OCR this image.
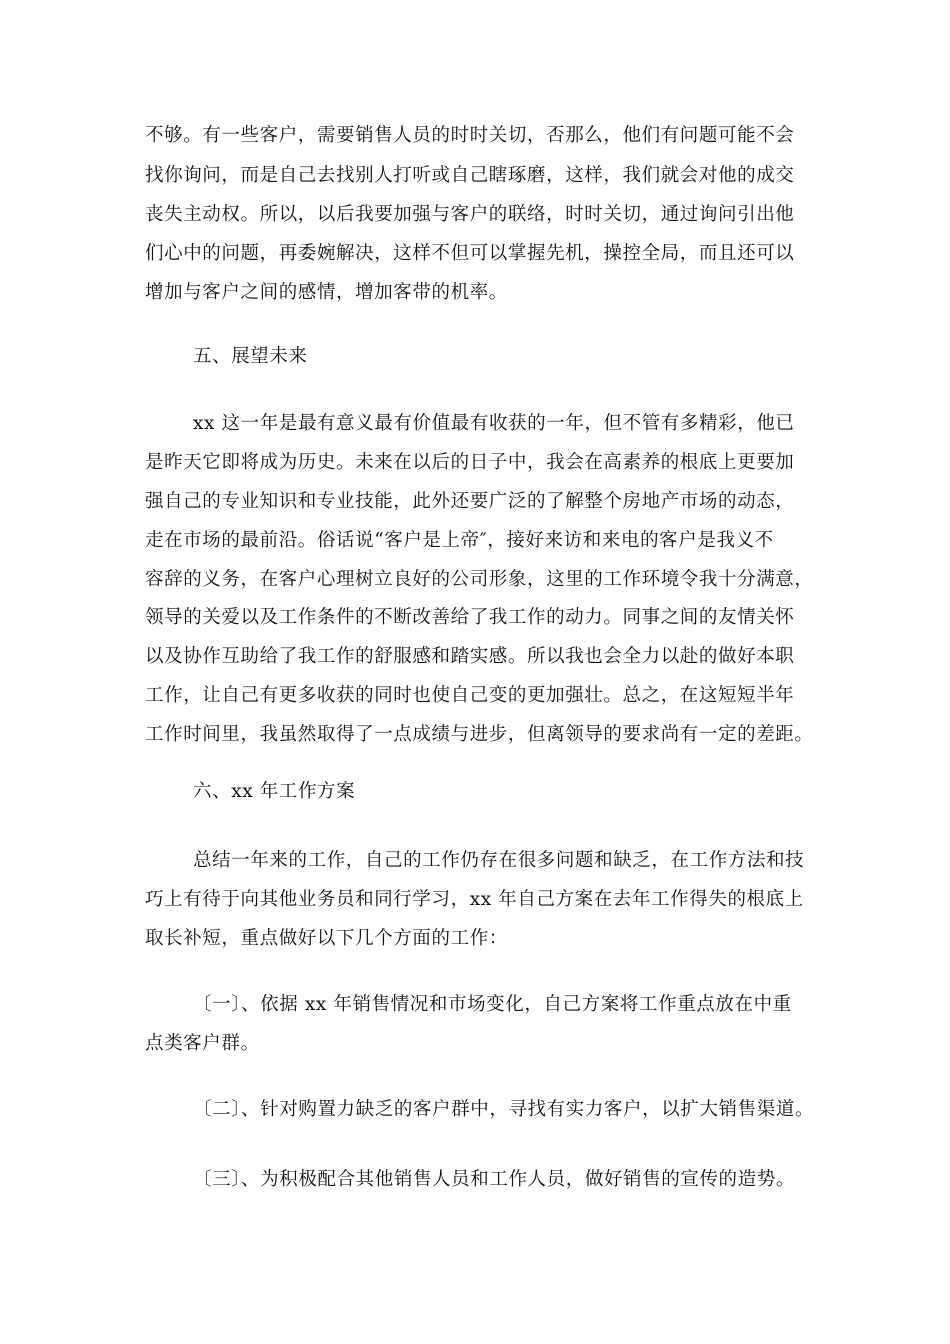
不够。有一些客户，需要销售人员的时时关切，否那么，他们有问题可能不会
找你询问，而是自己去找别人打听或自己瞎琢磨，这样，我们就会对他的成交
丧失主动权。所以，以后我要加强与客户的联络，时时关切，通过询问引出他
们心中的问题，再委婉解决，这样不但可以掌握先机，操控全局，而且还可以
增加与客户之间的感情，增加客带的机率。
五、展望未来
xx 这一年是最有意义最有价值最有收获的一年，但不管有多精彩，他已
是昨天它即将成为历史。未来在以后的日子中，我会在高素养的根底上更要加
强自己的专业知识和专业技能，此外还要广泛的了解整个房地产市场的动态，
走在市场的最前沿。俗话说“客户是上帝″，接好来访和来电的客户是我义不
容辞的义务，在客户心理树立良好的公司形象，这里的工作环境令我十分满意，
领导的关爱以及工作条件的不断改善给了我工作的动力。同事之间的友情关怀
以及协作互助给了我工作的舒服感和踏实感。所以我也会全力以赴的做好本职
工作，让自己有更多收获的同时也使自己变的更加强壮。总之，在这短短半年
工作时间里，我虽然取得了一点成绩与进步，但离领导的要求尚有一定的差距。
六、xx 年工作方案
总结一年来的工作，自己的工作仍存在很多问题和缺乏，在工作方法和技
巧上有待于向其他业务员和同行学习，xx 年自己方案在去年工作得失的根底上
取长补短，重点做好以下几个方面的工作：
〔一〕、依据 xx 年销售情况和市场变化，自己方案将工作重点放在中重
点类客户群。
〔二〕、针对购置力缺乏的客户群中，寻找有实力客户，以扩大销售渠道。
〔三〕、为积极配合其他销售人员和工作人员，做好销售的宣传的造势。
